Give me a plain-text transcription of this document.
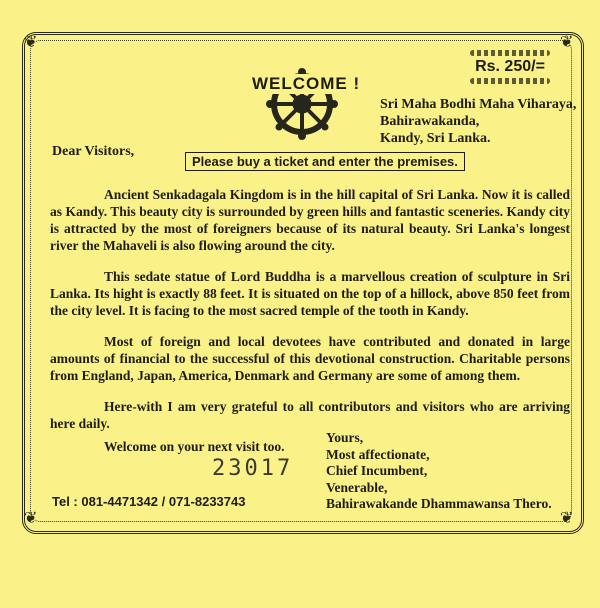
❦	❦
❦	❦
WELCOME !
Rs. 250/=
Sri Maha Bodhi Maha Viharaya,
Bahirawakanda,
Kandy, Sri Lanka.
Dear Visitors,
Please buy a ticket and enter the premises.

Ancient Senkadagala Kingdom is in the hill capital of Sri Lanka. Now it is called as Kandy. This beauty city is surrounded by green hills and fantastic sceneries. Kandy city is attracted by the most of foreigners because of its natural beauty. Sri Lanka's longest river the Mahaveli is also flowing around the city.

This sedate statue of Lord Buddha is a marvellous creation of sculpture in Sri Lanka. Its hight is exactly 88 feet. It is situated on the top of a hillock, above 850 feet from the city level. It is facing to the most sacred temple of the tooth in Kandy.

Most of foreign and local devotees have contributed and donated in large amounts of financial to the successful of this devotional construction. Charitable persons from England, Japan, America, Denmark and Germany are some of among them.

Here-with I am very grateful to all contributors and visitors who are arriving here daily.

Welcome on your next visit too.

Yours,
Most affectionate,
Chief Incumbent,
Venerable,
Bahirawakande Dhammawansa Thero.
23017
Tel : 081-4471342 / 071-8233743
